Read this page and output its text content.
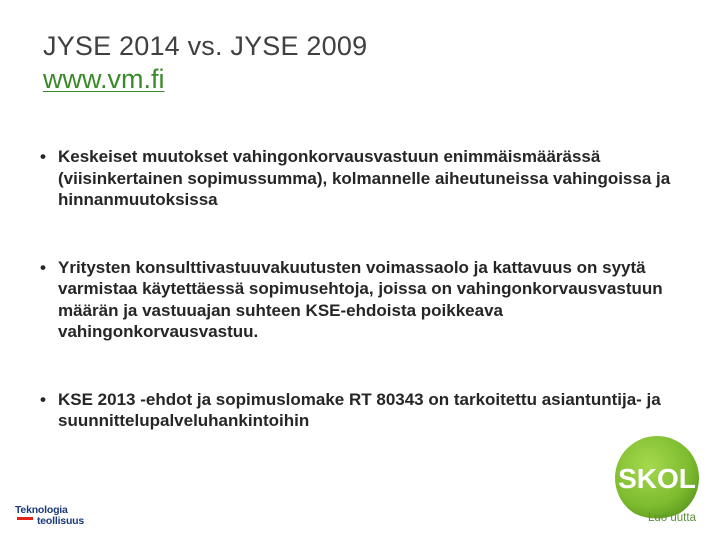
JYSE 2014 vs. JYSE 2009
www.vm.fi
• Keskeiset muutokset vahingonkorvausvastuun enimmäismäärässä (viisinkertainen sopimussumma), kolmannelle aiheutuneissa vahingoissa ja hinnanmuutoksissa
• Yritysten konsulttivastuuvakuutusten voimassaolo ja kattavuus on syytä varmistaa käytettäessä sopimusehtoja, joissa on vahingonkorvausvastuun määrän ja vastuuajan suhteen KSE-ehdoista poikkeava vahingonkorvausvastuu.
• KSE 2013 -ehdot ja sopimuslomake RT 80343 on tarkoitettu asiantuntija- ja suunnittelupalveluhankintoihin
Teknologia
teollisuus
SKOL
Luo uutta
